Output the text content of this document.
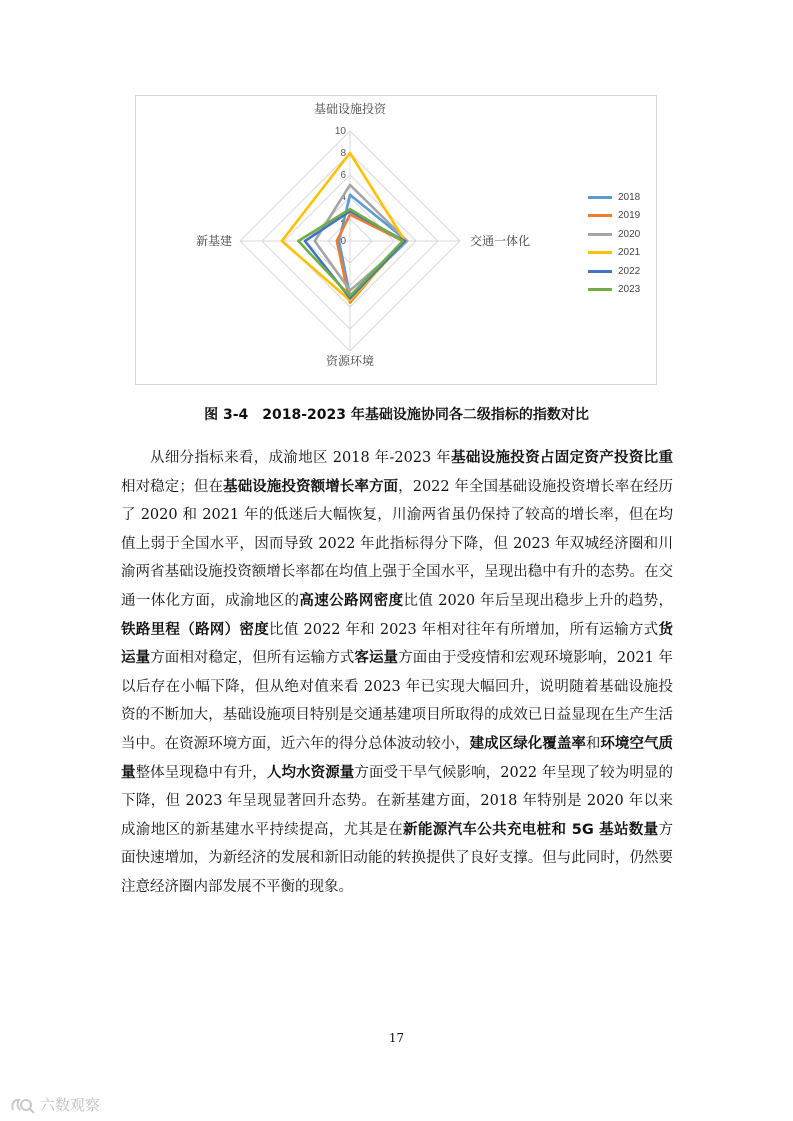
0
2
4
6
8
10
基础设施投资
交通一体化
资源环境
新基建
2018
2019
2020
2021
2022
2023
图 3-4　2018-2023 年基础设施协同各二级指标的指数对比

从细分指标来看，成渝地区 2018 年-2023 年基础设施投资占固定资产投资比重相对稳定；但在基础设施投资额增长率方面，2022 年全国基础设施投资增长率在经历了 2020 和 2021 年的低迷后大幅恢复，川渝两省虽仍保持了较高的增长率，但在均值上弱于全国水平，因而导致 2022 年此指标得分下降，但 2023 年双城经济圈和川渝两省基础设施投资额增长率都在均值上强于全国水平，呈现出稳中有升的态势。在交通一体化方面，成渝地区的高速公路网密度比值 2020 年后呈现出稳步上升的趋势，铁路里程（路网）密度比值 2022 年和 2023 年相对往年有所增加，所有运输方式货运量方面相对稳定，但所有运输方式客运量方面由于受疫情和宏观环境影响，2021 年以后存在小幅下降，但从绝对值来看 2023 年已实现大幅回升，说明随着基础设施投资的不断加大，基础设施项目特别是交通基建项目所取得的成效已日益显现在生产生活当中。在资源环境方面，近六年的得分总体波动较小，建成区绿化覆盖率和环境空气质量整体呈现稳中有升，人均水资源量方面受干旱气候影响，2022 年呈现了较为明显的下降，但 2023 年呈现显著回升态势。在新基建方面，2018 年特别是 2020 年以来成渝地区的新基建水平持续提高，尤其是在新能源汽车公共充电桩和 5G 基站数量方面快速增加，为新经济的发展和新旧动能的转换提供了良好支撑。但与此同时，仍然要注意经济圈内部发展不平衡的现象。

17
六数观察
